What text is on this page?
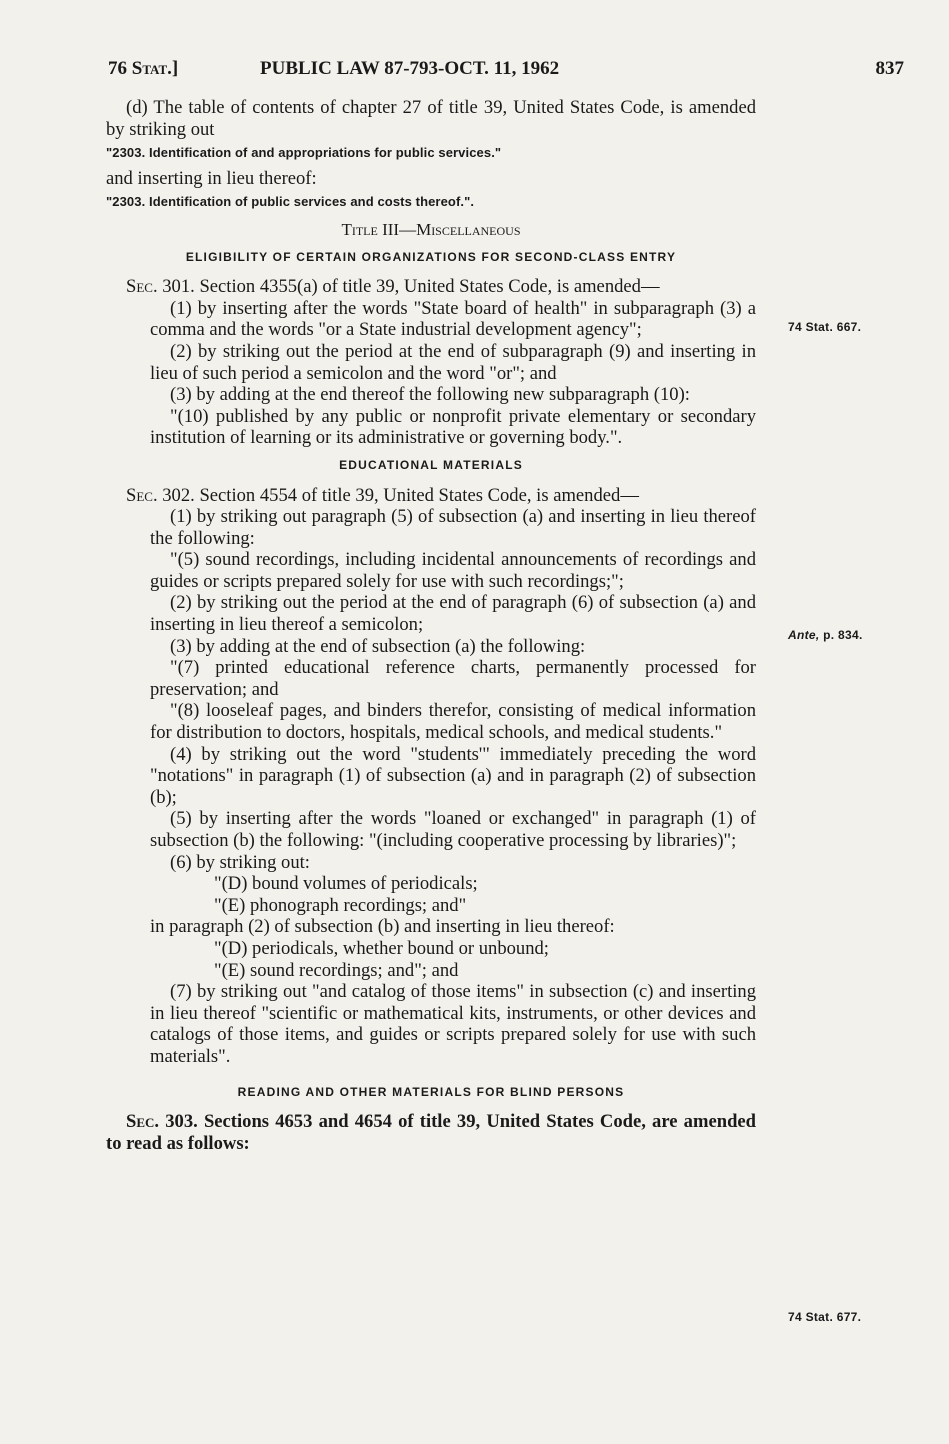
76 Stat.]	PUBLIC LAW 87-793-OCT. 11, 1962	837
74 Stat. 667.
Ante, p. 834.
74 Stat. 677.

(d) The table of contents of chapter 27 of title 39, United States Code, is amended by striking out

"2303. Identification of and appropriations for public services."

and inserting in lieu thereof:

"2303. Identification of public services and costs thereof.".

Title III—Miscellaneous

ELIGIBILITY OF CERTAIN ORGANIZATIONS FOR SECOND-CLASS ENTRY

Sec. 301. Section 4355(a) of title 39, United States Code, is amended—

(1) by inserting after the words "State board of health" in subparagraph (3) a comma and the words "or a State industrial development agency";

(2) by striking out the period at the end of subparagraph (9) and inserting in lieu of such period a semicolon and the word "or"; and

(3) by adding at the end thereof the following new subparagraph (10):

"(10) published by any public or nonprofit private elementary or secondary institution of learning or its administrative or governing body.".

EDUCATIONAL MATERIALS

Sec. 302. Section 4554 of title 39, United States Code, is amended—

(1) by striking out paragraph (5) of subsection (a) and inserting in lieu thereof the following:

"(5) sound recordings, including incidental announcements of recordings and guides or scripts prepared solely for use with such recordings;";

(2) by striking out the period at the end of paragraph (6) of subsection (a) and inserting in lieu thereof a semicolon;

(3) by adding at the end of subsection (a) the following:

"(7) printed educational reference charts, permanently processed for preservation; and

"(8) looseleaf pages, and binders therefor, consisting of medical information for distribution to doctors, hospitals, medical schools, and medical students."

(4) by striking out the word "students'" immediately preceding the word "notations" in paragraph (1) of subsection (a) and in paragraph (2) of subsection (b);

(5) by inserting after the words "loaned or exchanged" in paragraph (1) of subsection (b) the following: "(including cooperative processing by libraries)";

(6) by striking out:

"(D) bound volumes of periodicals;

"(E) phonograph recordings; and"

in paragraph (2) of subsection (b) and inserting in lieu thereof:

"(D) periodicals, whether bound or unbound;

"(E) sound recordings; and"; and

(7) by striking out "and catalog of those items" in subsection (c) and inserting in lieu thereof "scientific or mathematical kits, instruments, or other devices and catalogs of those items, and guides or scripts prepared solely for use with such materials".

READING AND OTHER MATERIALS FOR BLIND PERSONS

Sec. 303. Sections 4653 and 4654 of title 39, United States Code, are amended to read as follows:
